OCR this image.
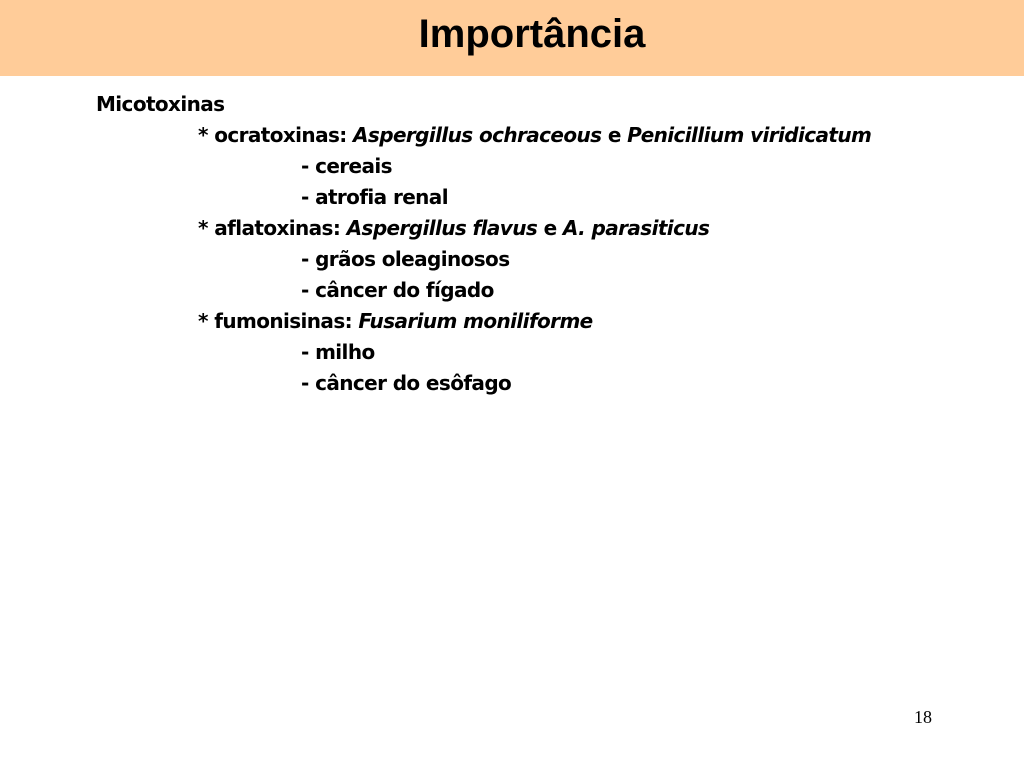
Importância
Micotoxinas
* ocratoxinas: Aspergillus ochraceous e Penicillium viridicatum
- cereais
- atrofia renal
* aflatoxinas: Aspergillus flavus e A. parasiticus
- grãos oleaginosos
- câncer do fígado
* fumonisinas: Fusarium moniliforme
- milho
- câncer do esôfago
18
